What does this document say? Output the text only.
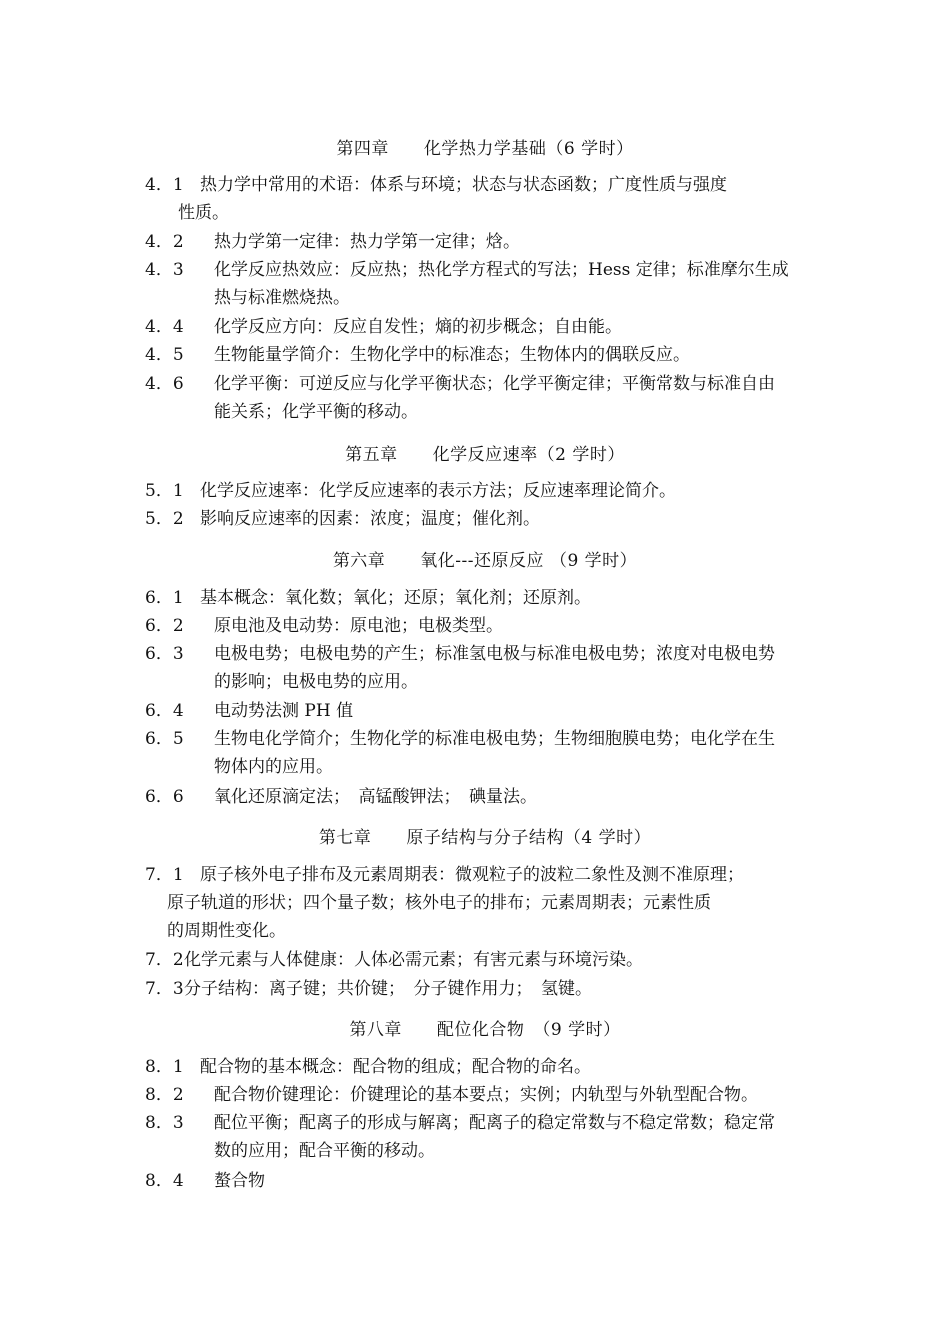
第四章　　化学热力学基础（6 学时）
4．1 热力学中常用的术语：体系与环境；状态与状态函数；广度性质与强度
性质。
4．2	热力学第一定律：热力学第一定律；焓。
4．3	化学反应热效应：反应热；热化学方程式的写法；Hess 定律；标准摩尔生成
热与标准燃烧热。
4．4	化学反应方向：反应自发性；熵的初步概念；自由能。
4．5	生物能量学简介：生物化学中的标准态；生物体内的偶联反应。
4．6	化学平衡：可逆反应与化学平衡状态；化学平衡定律；平衡常数与标准自由
能关系；化学平衡的移动。
第五章　　化学反应速率（2 学时）
5．1 化学反应速率：化学反应速率的表示方法；反应速率理论简介。
5．2 影响反应速率的因素：浓度；温度；催化剂。
第六章　　氧化---还原反应 （9 学时）
6．1 基本概念：氧化数；氧化；还原；氧化剂；还原剂。
6．2	原电池及电动势：原电池；电极类型。
6．3	电极电势；电极电势的产生；标准氢电极与标准电极电势；浓度对电极电势
的影响；电极电势的应用。
6．4	电动势法测 PH 值
6．5	生物电化学简介；生物化学的标准电极电势；生物细胞膜电势；电化学在生
物体内的应用。
6．6	氧化还原滴定法；　高锰酸钾法；　碘量法。
第七章　　原子结构与分子结构（4 学时）
7．1 原子核外电子排布及元素周期表：微观粒子的波粒二象性及测不准原理；
原子轨道的形状；四个量子数；核外电子的排布；元素周期表；元素性质
的周期性变化。
7．2 化学元素与人体健康：人体必需元素；有害元素与环境污染。
7．3 分子结构：离子键；共价键；　分子键作用力；　氢键。
第八章　　配位化合物　（9 学时）
8．1 配合物的基本概念：配合物的组成；配合物的命名。
8．2	配合物价键理论：价键理论的基本要点；实例；内轨型与外轨型配合物。
8．3	配位平衡；配离子的形成与解离；配离子的稳定常数与不稳定常数；稳定常
数的应用；配合平衡的移动。
8．4	螯合物
